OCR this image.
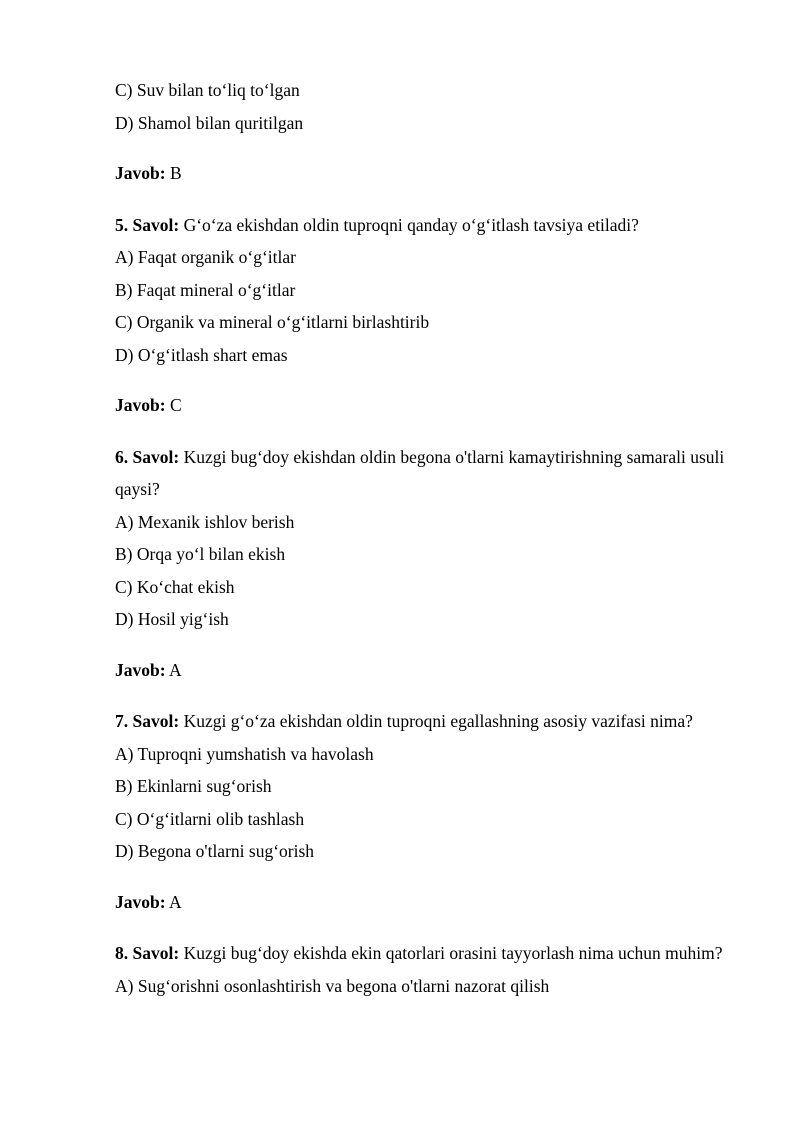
C) Suv bilan to‘liq to‘lgan

D) Shamol bilan quritilgan

Javob: B

5. Savol: G‘o‘za ekishdan oldin tuproqni qanday o‘g‘itlash tavsiya etiladi?

A) Faqat organik o‘g‘itlar

B) Faqat mineral o‘g‘itlar

C) Organik va mineral o‘g‘itlarni birlashtirib

D) O‘g‘itlash shart emas

Javob: C

6. Savol: Kuzgi bug‘doy ekishdan oldin begona o'tlarni kamaytirishning samarali usuli qaysi?

A) Mexanik ishlov berish

B) Orqa yo‘l bilan ekish

C) Ko‘chat ekish

D) Hosil yig‘ish

Javob: A

7. Savol: Kuzgi g‘o‘za ekishdan oldin tuproqni egallashning asosiy vazifasi nima?

A) Tuproqni yumshatish va havolash

B) Ekinlarni sug‘orish

C) O‘g‘itlarni olib tashlash

D) Begona o'tlarni sug‘orish

Javob: A

8. Savol: Kuzgi bug‘doy ekishda ekin qatorlari orasini tayyorlash nima uchun muhim?

A) Sug‘orishni osonlashtirish va begona o'tlarni nazorat qilish
